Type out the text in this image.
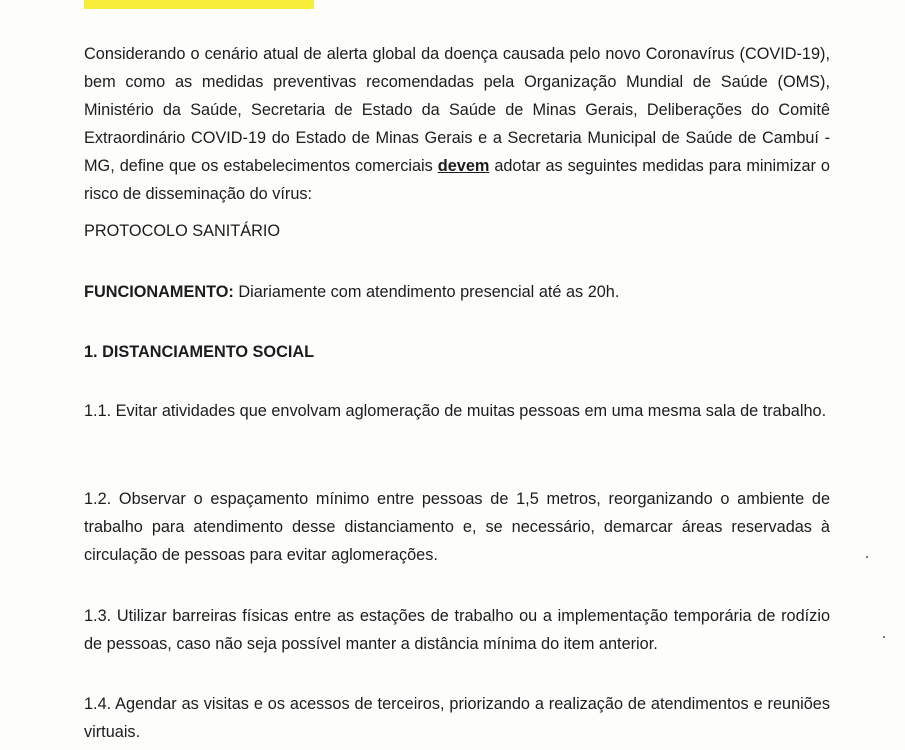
Considerando o cenário atual de alerta global da doença causada pelo novo Coronavírus (COVID-19), bem como as medidas preventivas recomendadas pela Organização Mundial de Saúde (OMS), Ministério da Saúde, Secretaria de Estado da Saúde de Minas Gerais, Deliberações do Comitê Extraordinário COVID-19 do Estado de Minas Gerais e a Secretaria Municipal de Saúde de Cambuí - MG, define que os estabelecimentos comerciais devem adotar as seguintes medidas para minimizar o risco de disseminação do vírus:

PROTOCOLO SANITÁRIO

FUNCIONAMENTO: Diariamente com atendimento presencial até as 20h.

1. DISTANCIAMENTO SOCIAL

1.1. Evitar atividades que envolvam aglomeração de muitas pessoas em uma mesma sala de trabalho.

1.2. Observar o espaçamento mínimo entre pessoas de 1,5 metros, reorganizando o ambiente de trabalho para atendimento desse distanciamento e, se necessário, demarcar áreas reservadas à circulação de pessoas para evitar aglomerações.

1.3. Utilizar barreiras físicas entre as estações de trabalho ou a implementação temporária de rodízio de pessoas, caso não seja possível manter a distância mínima do item anterior.

1.4. Agendar as visitas e os acessos de terceiros, priorizando a realização de atendimentos e reuniões virtuais.
